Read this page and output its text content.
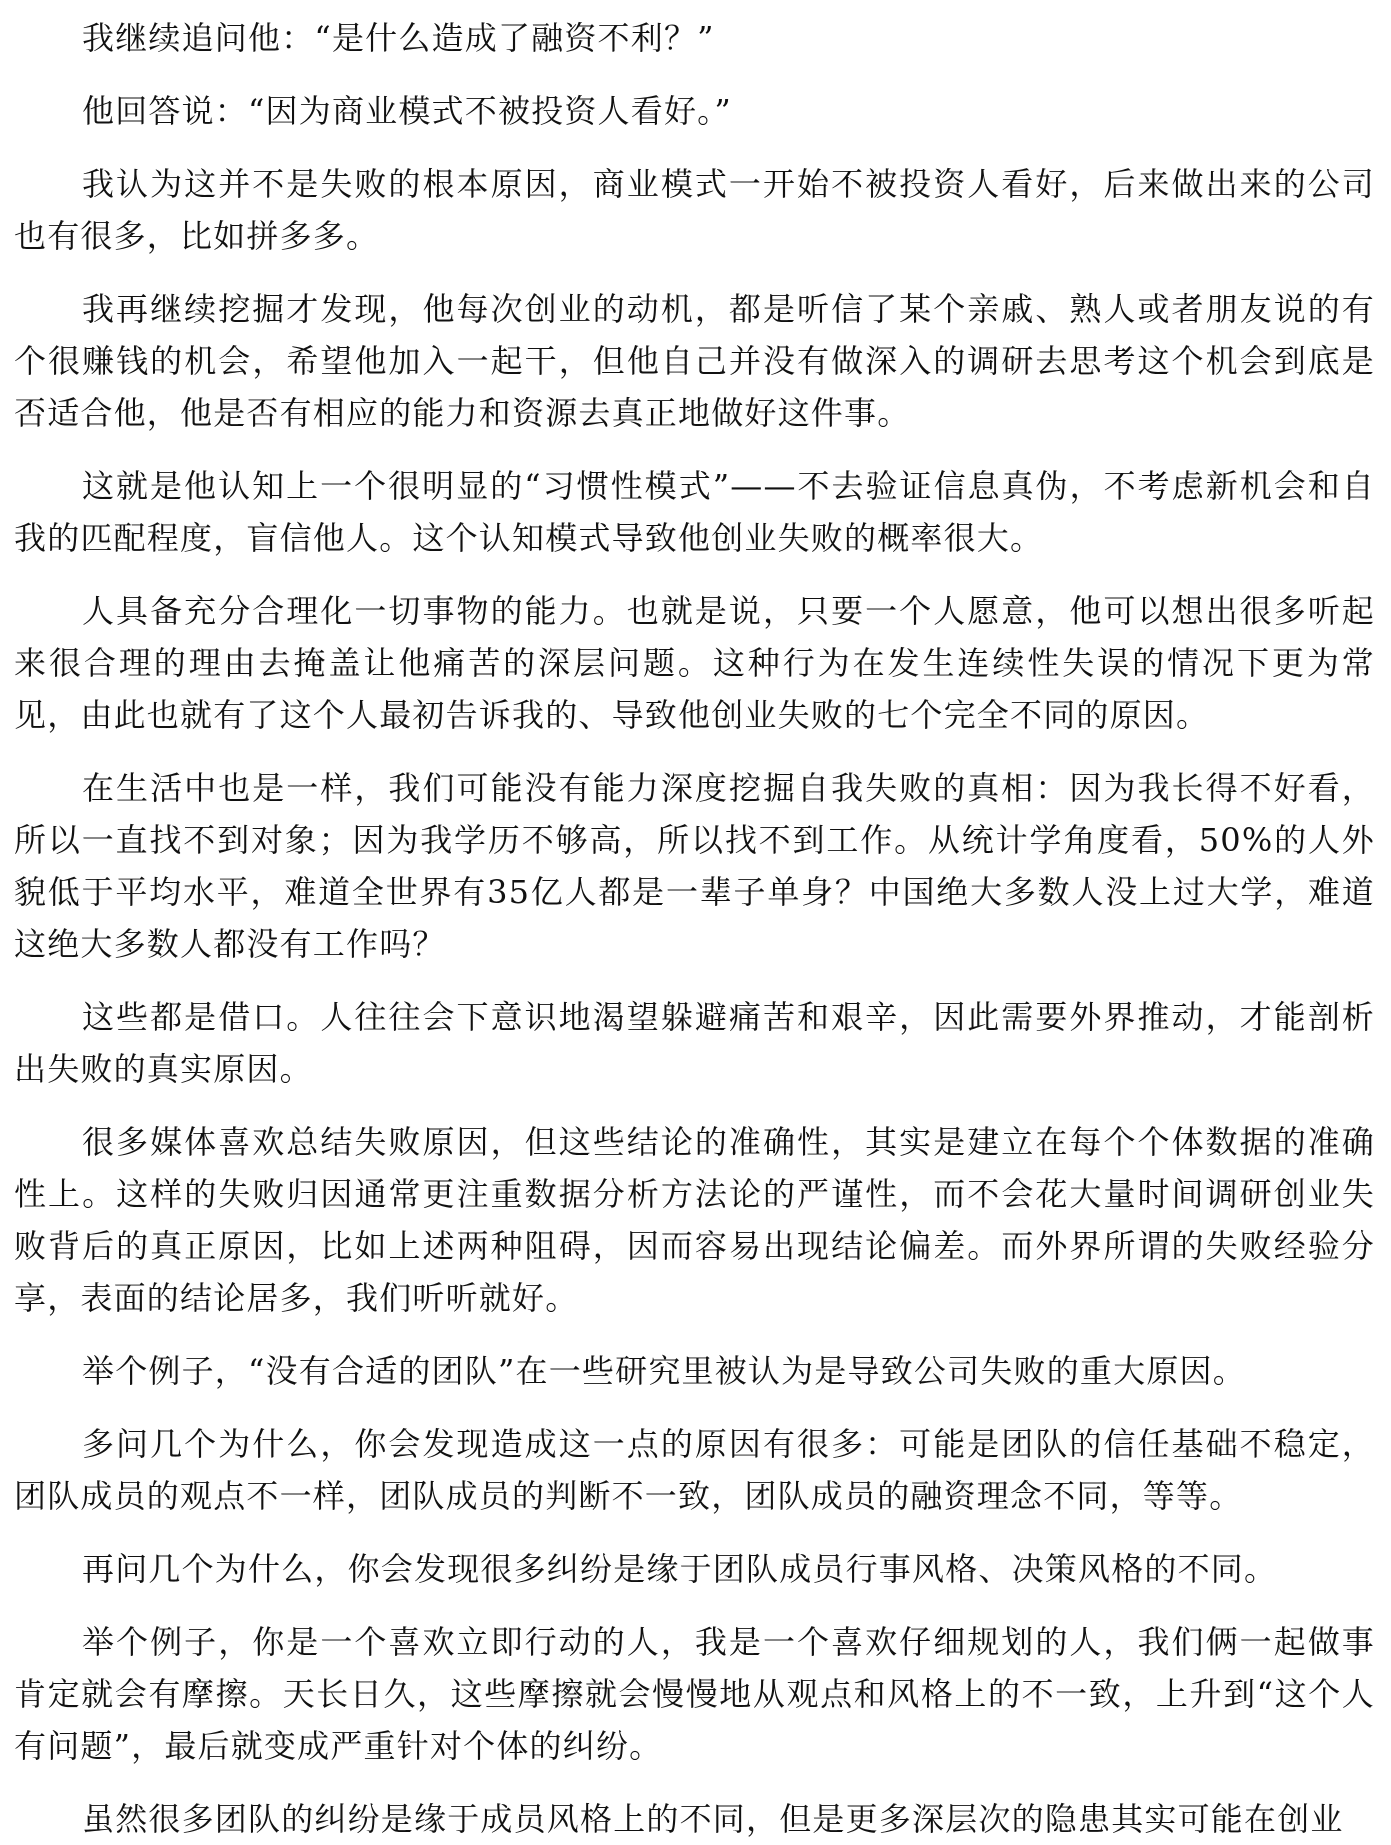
我继续追问他：“是什么造成了融资不利？”

他回答说：“因为商业模式不被投资人看好。”

我认为这并不是失败的根本原因，商业模式一开始不被投资人看好，后来做出来的公司也有很多，比如拼多多。

我再继续挖掘才发现，他每次创业的动机，都是听信了某个亲戚、熟人或者朋友说的有个很赚钱的机会，希望他加入一起干，但他自己并没有做深入的调研去思考这个机会到底是否适合他，他是否有相应的能力和资源去真正地做好这件事。

这就是他认知上一个很明显的“习惯性模式”——不去验证信息真伪，不考虑新机会和自我的匹配程度，盲信他人。这个认知模式导致他创业失败的概率很大。

人具备充分合理化一切事物的能力。也就是说，只要一个人愿意，他可以想出很多听起来很合理的理由去掩盖让他痛苦的深层问题。这种行为在发生连续性失误的情况下更为常见，由此也就有了这个人最初告诉我的、导致他创业失败的七个完全不同的原因。

在生活中也是一样，我们可能没有能力深度挖掘自我失败的真相：因为我长得不好看，所以一直找不到对象；因为我学历不够高，所以找不到工作。从统计学角度看，50%的人外貌低于平均水平，难道全世界有35亿人都是一辈子单身？中国绝大多数人没上过大学，难道这绝大多数人都没有工作吗？

这些都是借口。人往往会下意识地渴望躲避痛苦和艰辛，因此需要外界推动，才能剖析出失败的真实原因。

很多媒体喜欢总结失败原因，但这些结论的准确性，其实是建立在每个个体数据的准确性上。这样的失败归因通常更注重数据分析方法论的严谨性，而不会花大量时间调研创业失败背后的真正原因，比如上述两种阻碍，因而容易出现结论偏差。而外界所谓的失败经验分享，表面的结论居多，我们听听就好。

举个例子，“没有合适的团队”在一些研究里被认为是导致公司失败的重大原因。

多问几个为什么，你会发现造成这一点的原因有很多：可能是团队的信任基础不稳定，团队成员的观点不一样，团队成员的判断不一致，团队成员的融资理念不同，等等。

再问几个为什么，你会发现很多纠纷是缘于团队成员行事风格、决策风格的不同。

举个例子，你是一个喜欢立即行动的人，我是一个喜欢仔细规划的人，我们俩一起做事肯定就会有摩擦。天长日久，这些摩擦就会慢慢地从观点和风格上的不一致，上升到“这个人有问题”，最后就变成严重针对个体的纠纷。

虽然很多团队的纠纷是缘于成员风格上的不同，但是更多深层次的隐患其实可能在创业
